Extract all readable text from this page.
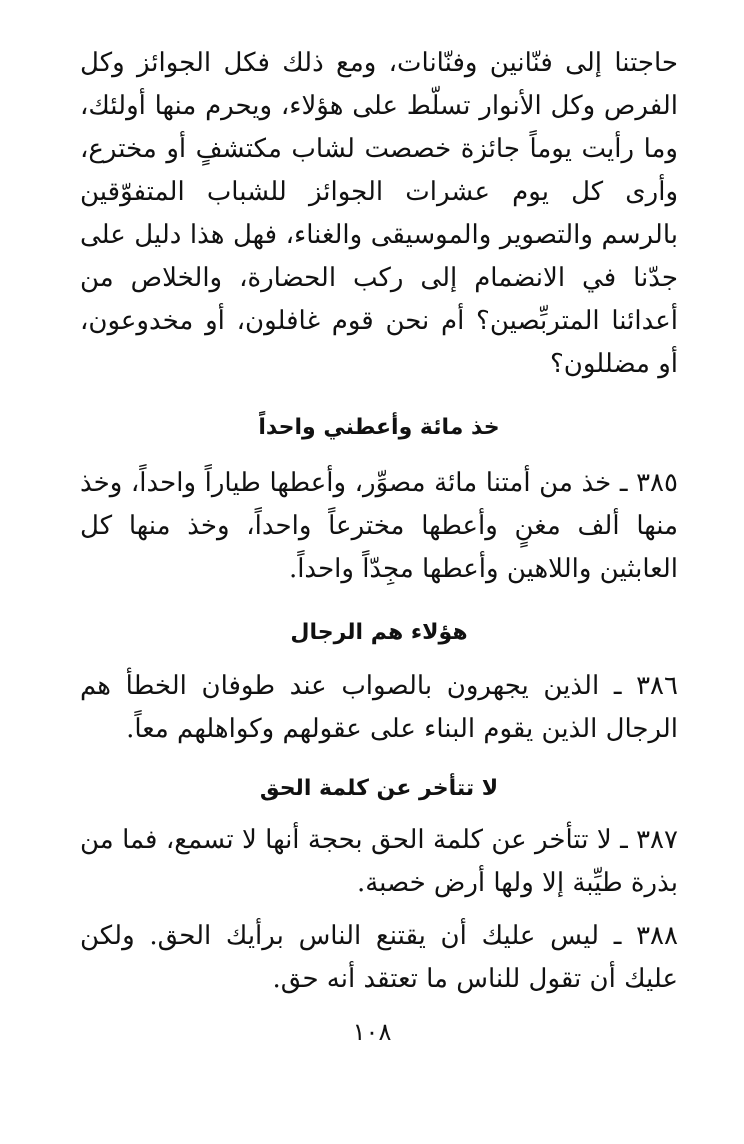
حاجتنا إلى فنّانين وفنّانات، ومع ذلك فكل الجوائز وكل الفرص وكل الأنوار تسلّط على هؤلاء، ويحرم منها أولئك، وما رأيت يوماً جائزة خصصت لشاب مكتشفٍ أو مخترع، وأرى كل يوم عشرات الجوائز للشباب المتفوّقين بالرسم والتصوير والموسيقى والغناء، فهل هذا دليل على جدّنا في الانضمام إلى ركب الحضارة، والخلاص من أعدائنا المتربِّصين؟ أم نحن قوم غافلون، أو مخدوعون، أو مضللون؟

خذ مائة وأعطني واحداً

٣٨٥ ـ خذ من أمتنا مائة مصوِّر، وأعطها طياراً واحداً، وخذ منها ألف مغنٍ وأعطها مخترعاً واحداً، وخذ منها كل العابثين واللاهين وأعطها مجِدّاً واحداً.

هؤلاء هم الرجال

٣٨٦ ـ الذين يجهرون بالصواب عند طوفان الخطأ هم الرجال الذين يقوم البناء على عقولهم وكواهلهم معاً.

لا تتأخر عن كلمة الحق

٣٨٧ ـ لا تتأخر عن كلمة الحق بحجة أنها لا تسمع، فما من بذرة طيِّبة إلا ولها أرض خصبة.

٣٨٨ ـ ليس عليك أن يقتنع الناس برأيك الحق. ولكن عليك أن تقول للناس ما تعتقد أنه حق.

١٠٨
